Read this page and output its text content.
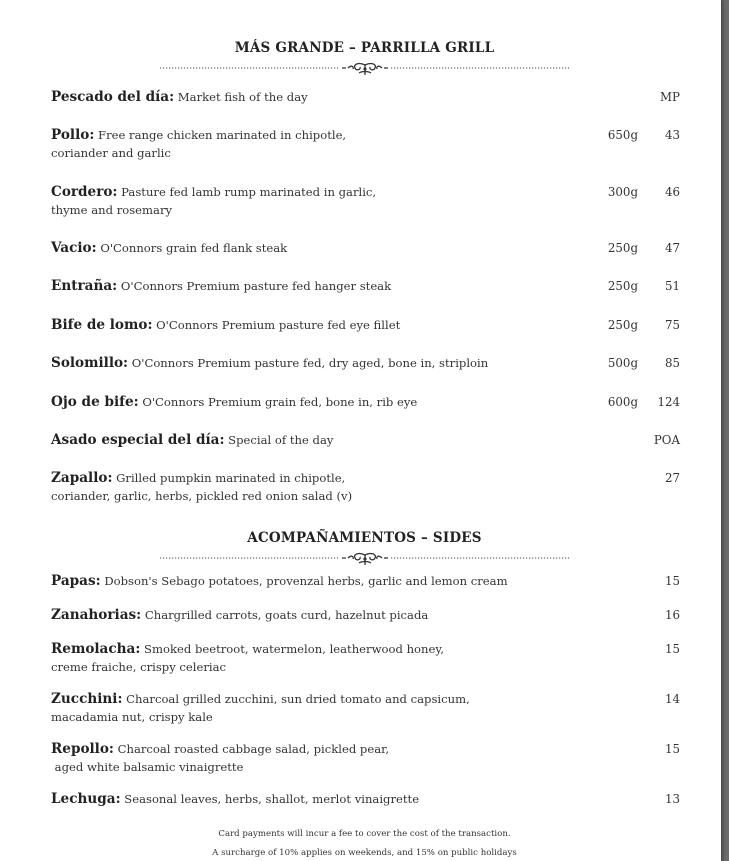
MÁS GRANDE – PARRILLA GRILL
Pescado del día: Market fish of the day	MP
Pollo: Free range chicken marinated in chipotle,
coriander and garlic
650g	43
Cordero: Pasture fed lamb rump marinated in garlic,
thyme and rosemary
300g	46
Vacio: O'Connors grain fed flank steak	250g	47
Entraña: O'Connors Premium pasture fed hanger steak	250g	51
Bife de lomo: O'Connors Premium pasture fed eye fillet	250g	75
Solomillo: O'Connors Premium pasture fed, dry aged, bone in, striploin	500g	85
Ojo de bife: O'Connors Premium grain fed, bone in, rib eye	600g	124
Asado especial del día: Special of the day	POA
Zapallo: Grilled pumpkin marinated in chipotle,
coriander, garlic, herbs, pickled red onion salad (v)
27
ACOMPAÑAMIENTOS – SIDES
Papas: Dobson's Sebago potatoes, provenzal herbs, garlic and lemon cream	15
Zanahorias: Chargrilled carrots, goats curd, hazelnut picada	16
Remolacha: Smoked beetroot, watermelon, leatherwood honey,
creme fraiche, crispy celeriac
15
Zucchini: Charcoal grilled zucchini, sun dried tomato and capsicum,
macadamia nut, crispy kale
14
Repollo: Charcoal roasted cabbage salad, pickled pear,
aged white balsamic vinaigrette
15
Lechuga: Seasonal leaves, herbs, shallot, merlot vinaigrette	13
Card payments will incur a fee to cover the cost of the transaction.
A surcharge of 10% applies on weekends, and 15% on public holidays
